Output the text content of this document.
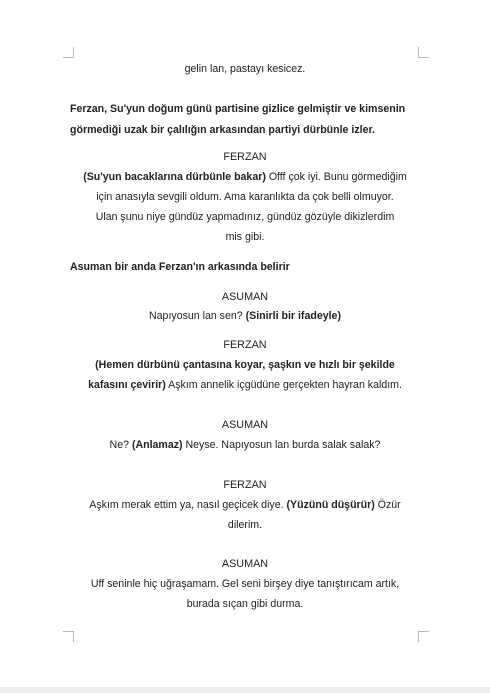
gelin lan, pastayı kesicez.
Ferzan, Su'yun doğum günü partisine gizlice gelmiştir ve kimsenin
görmediği uzak bir çalılığın arkasından partiyi dürbünle izler.
FERZAN
(Su'yun bacaklarına dürbünle bakar) Offf çok iyi. Bunu görmediğim
için anasıyla sevgili oldum. Ama karanlıkta da çok belli olmuyor.
Ulan şunu niye gündüz yapmadınız, gündüz gözüyle dikizlerdim
mis gibi.
Asuman bir anda Ferzan'ın arkasında belirir
ASUMAN
Napıyosun lan sen? (Sinirli bir ifadeyle)
FERZAN
(Hemen dürbünü çantasına koyar, şaşkın ve hızlı bir şekilde
kafasını çevirir) Aşkım annelik içgüdüne gerçekten hayran kaldım.
ASUMAN
Ne? (Anlamaz) Neyse. Napıyosun lan burda salak salak?
FERZAN
Aşkım merak ettim ya, nasıl geçicek diye. (Yüzünü düşürür) Özür
dilerim.
ASUMAN
Uff seninle hiç uğraşamam. Gel seni birşey diye tanıştırıcam artık,
burada sıçan gibi durma.
